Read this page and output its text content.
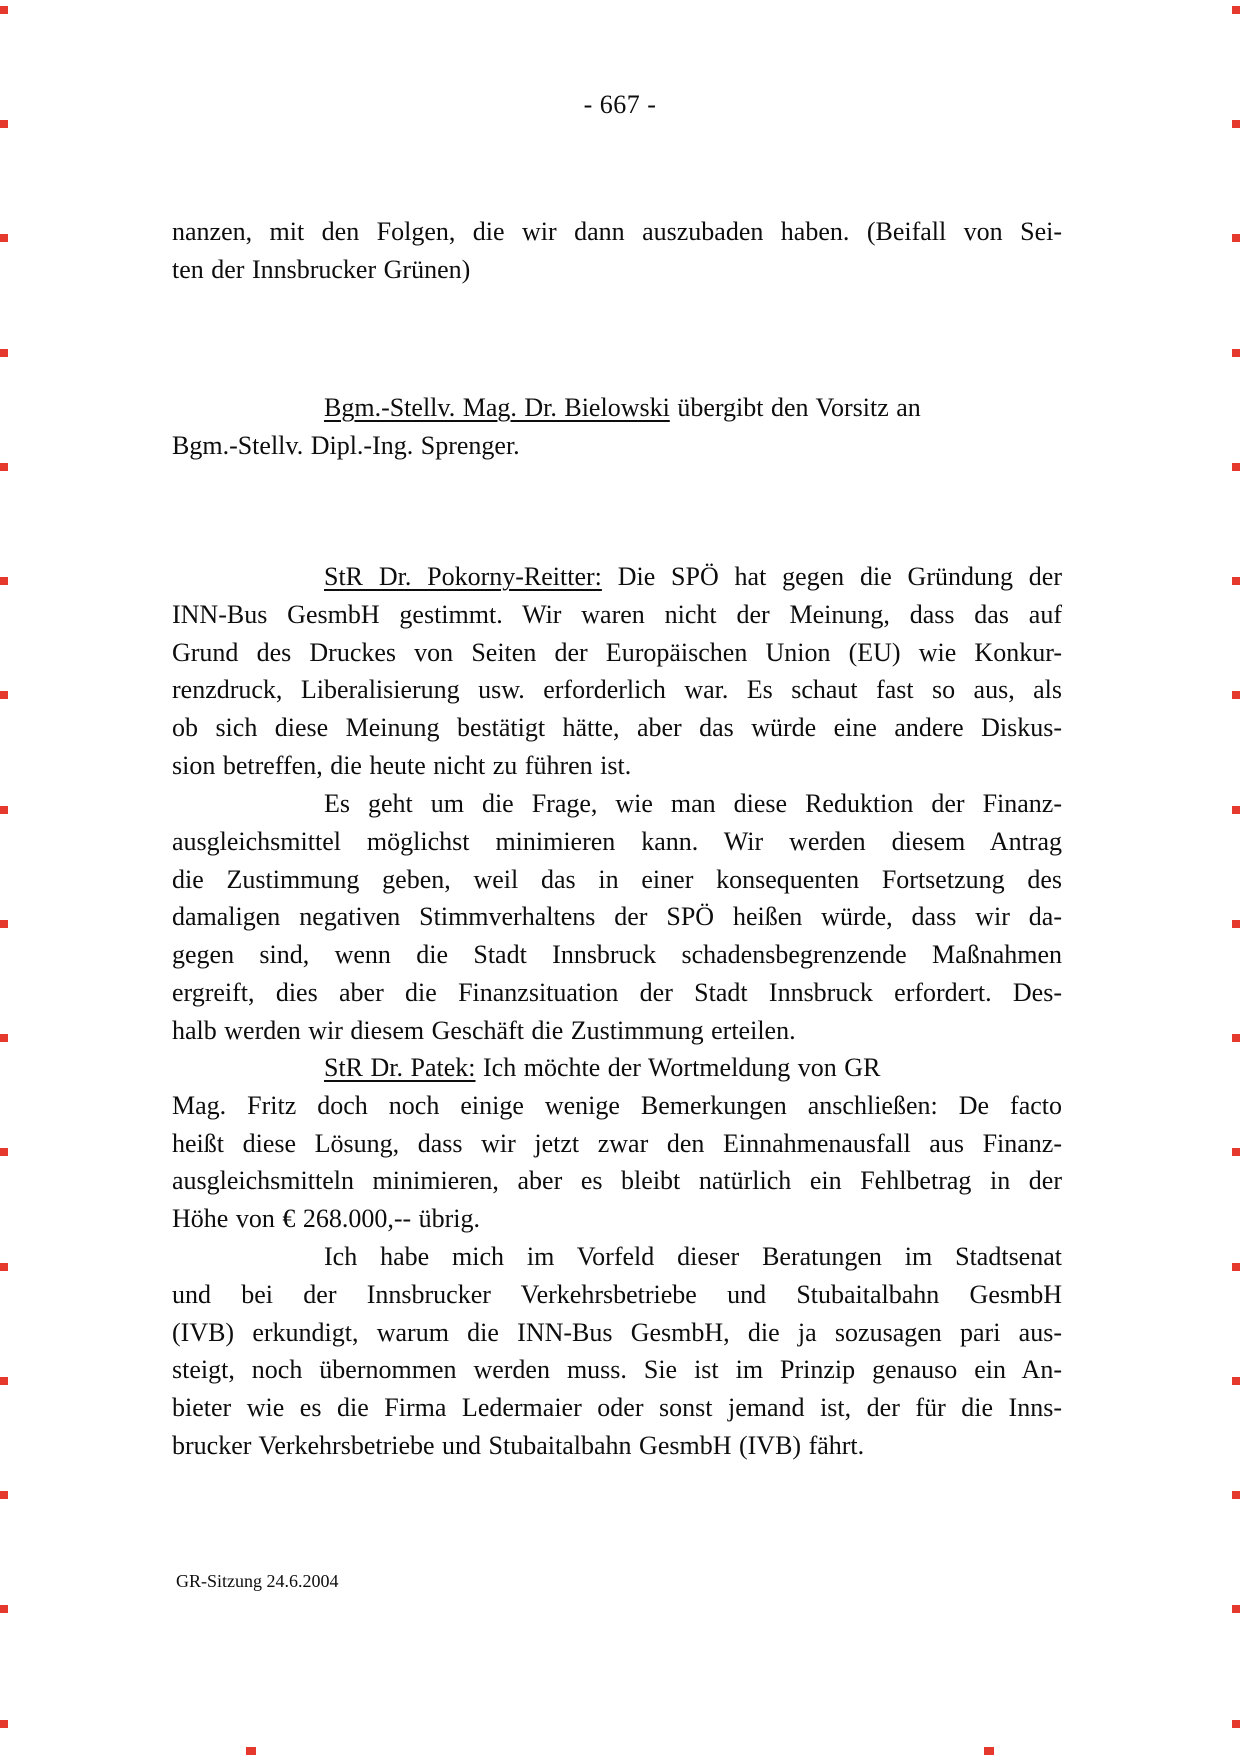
- 667 -
nanzen, mit den Folgen, die wir dann auszubaden haben. (Beifall von Sei-
ten der Innsbrucker Grünen)
Bgm.-Stellv. Mag. Dr. Bielowski übergibt den Vorsitz an
Bgm.-Stellv. Dipl.-Ing. Sprenger.
StR Dr. Pokorny-Reitter: Die SPÖ hat gegen die Gründung der
INN-Bus GesmbH gestimmt. Wir waren nicht der Meinung, dass das auf
Grund des Druckes von Seiten der Europäischen Union (EU) wie Konkur-
renzdruck, Liberalisierung usw. erforderlich war. Es schaut fast so aus, als
ob sich diese Meinung bestätigt hätte, aber das würde eine andere Diskus-
sion betreffen, die heute nicht zu führen ist.
Es geht um die Frage, wie man diese Reduktion der Finanz-
ausgleichsmittel möglichst minimieren kann. Wir werden diesem Antrag
die Zustimmung geben, weil das in einer konsequenten Fortsetzung des
damaligen negativen Stimmverhaltens der SPÖ heißen würde, dass wir da-
gegen sind, wenn die Stadt Innsbruck schadensbegrenzende Maßnahmen
ergreift, dies aber die Finanzsituation der Stadt Innsbruck erfordert. Des-
halb werden wir diesem Geschäft die Zustimmung erteilen.
StR Dr. Patek: Ich möchte der Wortmeldung von GR
Mag. Fritz doch noch einige wenige Bemerkungen anschließen: De facto
heißt diese Lösung, dass wir jetzt zwar den Einnahmenausfall aus Finanz-
ausgleichsmitteln minimieren, aber es bleibt natürlich ein Fehlbetrag in der
Höhe von € 268.000,-- übrig.
Ich habe mich im Vorfeld dieser Beratungen im Stadtsenat
und bei der Innsbrucker Verkehrsbetriebe und Stubaitalbahn GesmbH
(IVB) erkundigt, warum die INN-Bus GesmbH, die ja sozusagen pari aus-
steigt, noch übernommen werden muss. Sie ist im Prinzip genauso ein An-
bieter wie es die Firma Ledermaier oder sonst jemand ist, der für die Inns-
brucker Verkehrsbetriebe und Stubaitalbahn GesmbH (IVB) fährt.
GR-Sitzung 24.6.2004
